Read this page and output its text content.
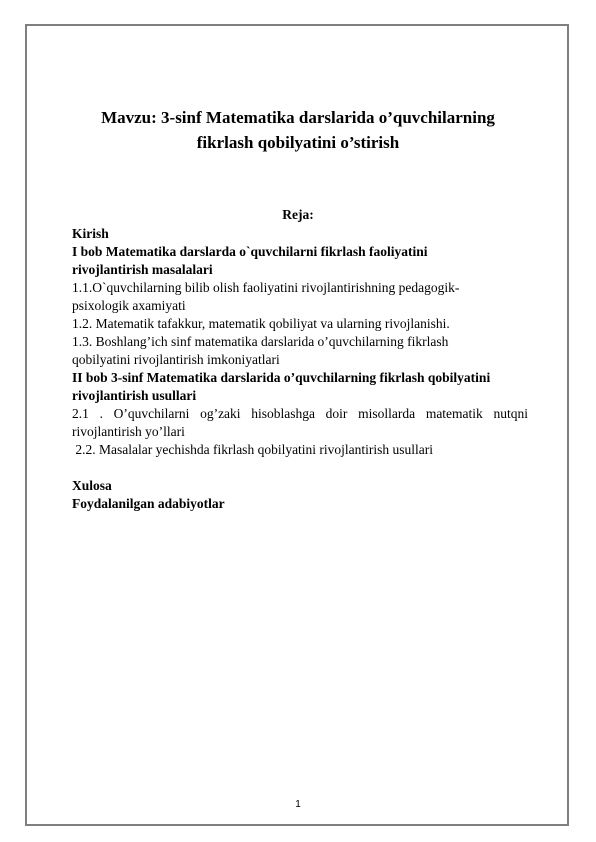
Mavzu: 3-sinf Matematika darslarida o’quvchilarning
fikrlash qobilyatini o’stirish
Reja:
Kirish
I bob Matematika darslarda o`quvchilarni fikrlash faoliyatini
rivojlantirish masalalari
1.1.O`quvchilarning bilib olish faoliyatini rivojlantirishning pedagogik-
psixologik axamiyati
1.2. Matematik tafakkur, matematik qobiliyat va ularning rivojlanishi.
1.3. Boshlang’ich sinf matematika darslarida o’quvchilarning fikrlash
qobilyatini rivojlantirish imkoniyatlari
II bob 3-sinf Matematika darslarida o’quvchilarning fikrlash qobilyatini
rivojlantirish usullari
2.1 . O’quvchilarni og’zaki hisoblashga doir misollarda matematik nutqni
rivojlantirish yo’llari
2.2. Masalalar yechishda fikrlash qobilyatini rivojlantirish usullari
Xulosa
Foydalanilgan adabiyotlar
1
